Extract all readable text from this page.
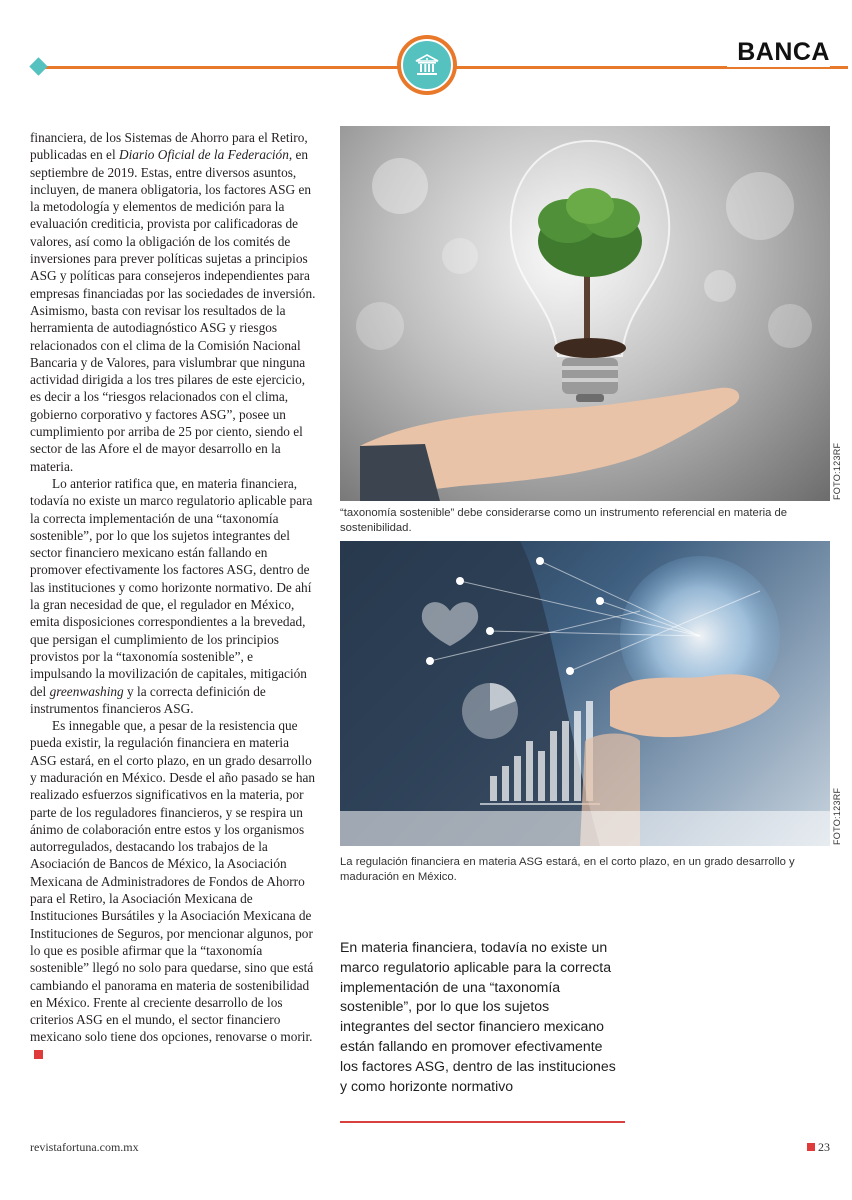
BANCA

financiera, de los Sistemas de Ahorro para el Retiro, publicadas en el Diario Oficial de la Federación, en septiembre de 2019. Estas, entre diversos asuntos, incluyen, de manera obligatoria, los factores ASG en la metodología y elementos de medición para la evaluación crediticia, provista por calificadoras de valores, así como la obligación de los comités de inversiones para prever políticas sujetas a principios ASG y políticas para consejeros independientes para empresas financiadas por las sociedades de inversión. Asimismo, basta con revisar los resultados de la herramienta de autodiagnóstico ASG y riesgos relacionados con el clima de la Comisión Nacional Bancaria y de Valores, para vislumbrar que ninguna actividad dirigida a los tres pilares de este ejercicio, es decir a los “riesgos relacionados con el clima, gobierno corporativo y factores ASG”, posee un cumplimiento por arriba de 25 por ciento, siendo el sector de las Afore el de mayor desarrollo en la materia.

Lo anterior ratifica que, en materia financiera, todavía no existe un marco regulatorio aplicable para la correcta implementación de una “taxonomía sostenible”, por lo que los sujetos integrantes del sector financiero mexicano están fallando en promover efectivamente los factores ASG, dentro de las instituciones y como horizonte normativo. De ahí la gran necesidad de que, el regulador en México, emita disposiciones correspondientes a la brevedad, que persigan el cumplimiento de los principios provistos por la “taxonomía sostenible”, e impulsando la movilización de capitales, mitigación del greenwashing y la correcta definición de instrumentos financieros ASG.

Es innegable que, a pesar de la resistencia que pueda existir, la regulación financiera en materia ASG estará, en el corto plazo, en un grado desarrollo y maduración en México. Desde el año pasado se han realizado esfuerzos significativos en la materia, por parte de los reguladores financieros, y se respira un ánimo de colaboración entre estos y los organismos autorregulados, destacando los trabajos de la Asociación de Bancos de México, la Asociación Mexicana de Administradores de Fondos de Ahorro para el Retiro, la Asociación Mexicana de Instituciones Bursátiles y la Asociación Mexicana de Instituciones de Seguros, por mencionar algunos, por lo que es posible afirmar que la “taxonomía sostenible” llegó no solo para quedarse, sino que está cambiando el panorama en materia de sostenibilidad en México. Frente al creciente desarrollo de los criterios ASG en el mundo, el sector financiero mexicano solo tiene dos opciones, renovarse o morir.

FOTO:123RF
“taxonomía sostenible” debe considerarse como un instrumento referencial en materia de sostenibilidad.
FOTO:123RF
La regulación financiera en materia ASG estará, en el corto plazo, en un grado desarrollo y maduración en México.

En materia financiera, todavía no existe un marco regulatorio aplicable para la correcta implementación de una “taxonomía sostenible”, por lo que los sujetos integrantes del sector financiero mexicano están fallando en promover efectivamente los factores ASG, dentro de las instituciones y como horizonte normativo

revistafortuna.com.mx	23
